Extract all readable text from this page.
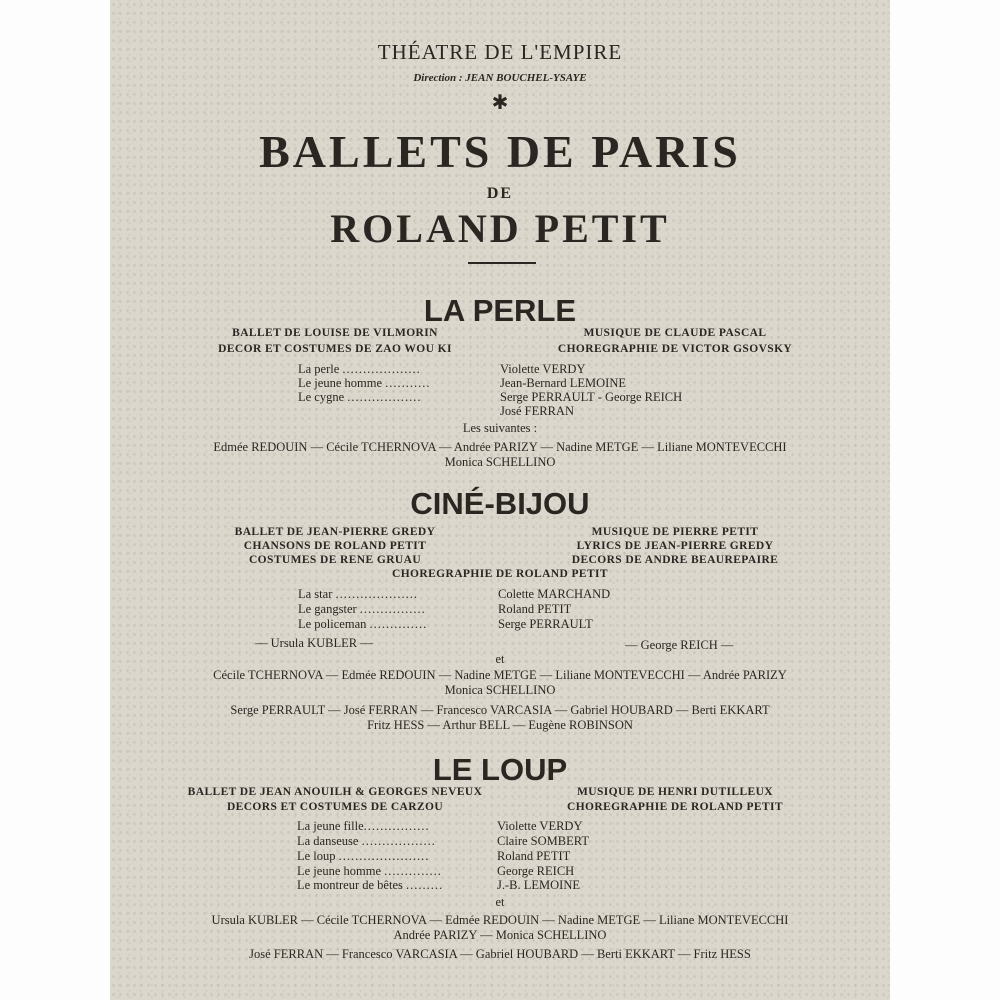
THÉATRE DE L'EMPIRE
Direction : JEAN BOUCHEL-YSAYE
✱
BALLETS DE PARIS
DE
ROLAND PETIT
LA PERLE
BALLET DE LOUISE DE VILMORIN
DECOR ET COSTUMES DE ZAO WOU KI
MUSIQUE DE CLAUDE PASCAL
CHOREGRAPHIE DE VICTOR GSOVSKY
La perle ...................	Violette VERDY
Le jeune homme ...........	Jean-Bernard LEMOINE
Le cygne ..................	Serge PERRAULT - George REICH
José FERRAN
Les suivantes :
Edmée REDOUIN — Cécile TCHERNOVA — Andrée PARIZY — Nadine METGE — Liliane MONTEVECCHI
Monica SCHELLINO
CINÉ-BIJOU
BALLET DE JEAN-PIERRE GREDY
CHANSONS DE ROLAND PETIT
COSTUMES DE RENE GRUAU
MUSIQUE DE PIERRE PETIT
LYRICS DE JEAN-PIERRE GREDY
DECORS DE ANDRE BEAUREPAIRE
CHOREGRAPHIE DE ROLAND PETIT
La star ....................	Colette MARCHAND
Le gangster ................	Roland PETIT
Le policeman ..............	Serge PERRAULT
— Ursula KUBLER —	— George REICH —
et
Cécile TCHERNOVA — Edmée REDOUIN — Nadine METGE — Liliane MONTEVECCHI — Andrée PARIZY
Monica SCHELLINO
Serge PERRAULT — José FERRAN — Francesco VARCASIA — Gabriel HOUBARD — Berti EKKART
Fritz HESS — Arthur BELL — Eugène ROBINSON
LE LOUP
BALLET DE JEAN ANOUILH & GEORGES NEVEUX
DECORS ET COSTUMES DE CARZOU
MUSIQUE DE HENRI DUTILLEUX
CHOREGRAPHIE DE ROLAND PETIT
La jeune fille................	Violette VERDY
La danseuse ..................	Claire SOMBERT
Le loup ......................	Roland PETIT
Le jeune homme ..............	George REICH
Le montreur de bêtes .........	J.-B. LEMOINE
et
Ursula KUBLER — Cécile TCHERNOVA — Edmée REDOUIN — Nadine METGE — Liliane MONTEVECCHI
Andrée PARIZY — Monica SCHELLINO
José FERRAN — Francesco VARCASIA — Gabriel HOUBARD — Berti EKKART — Fritz HESS
